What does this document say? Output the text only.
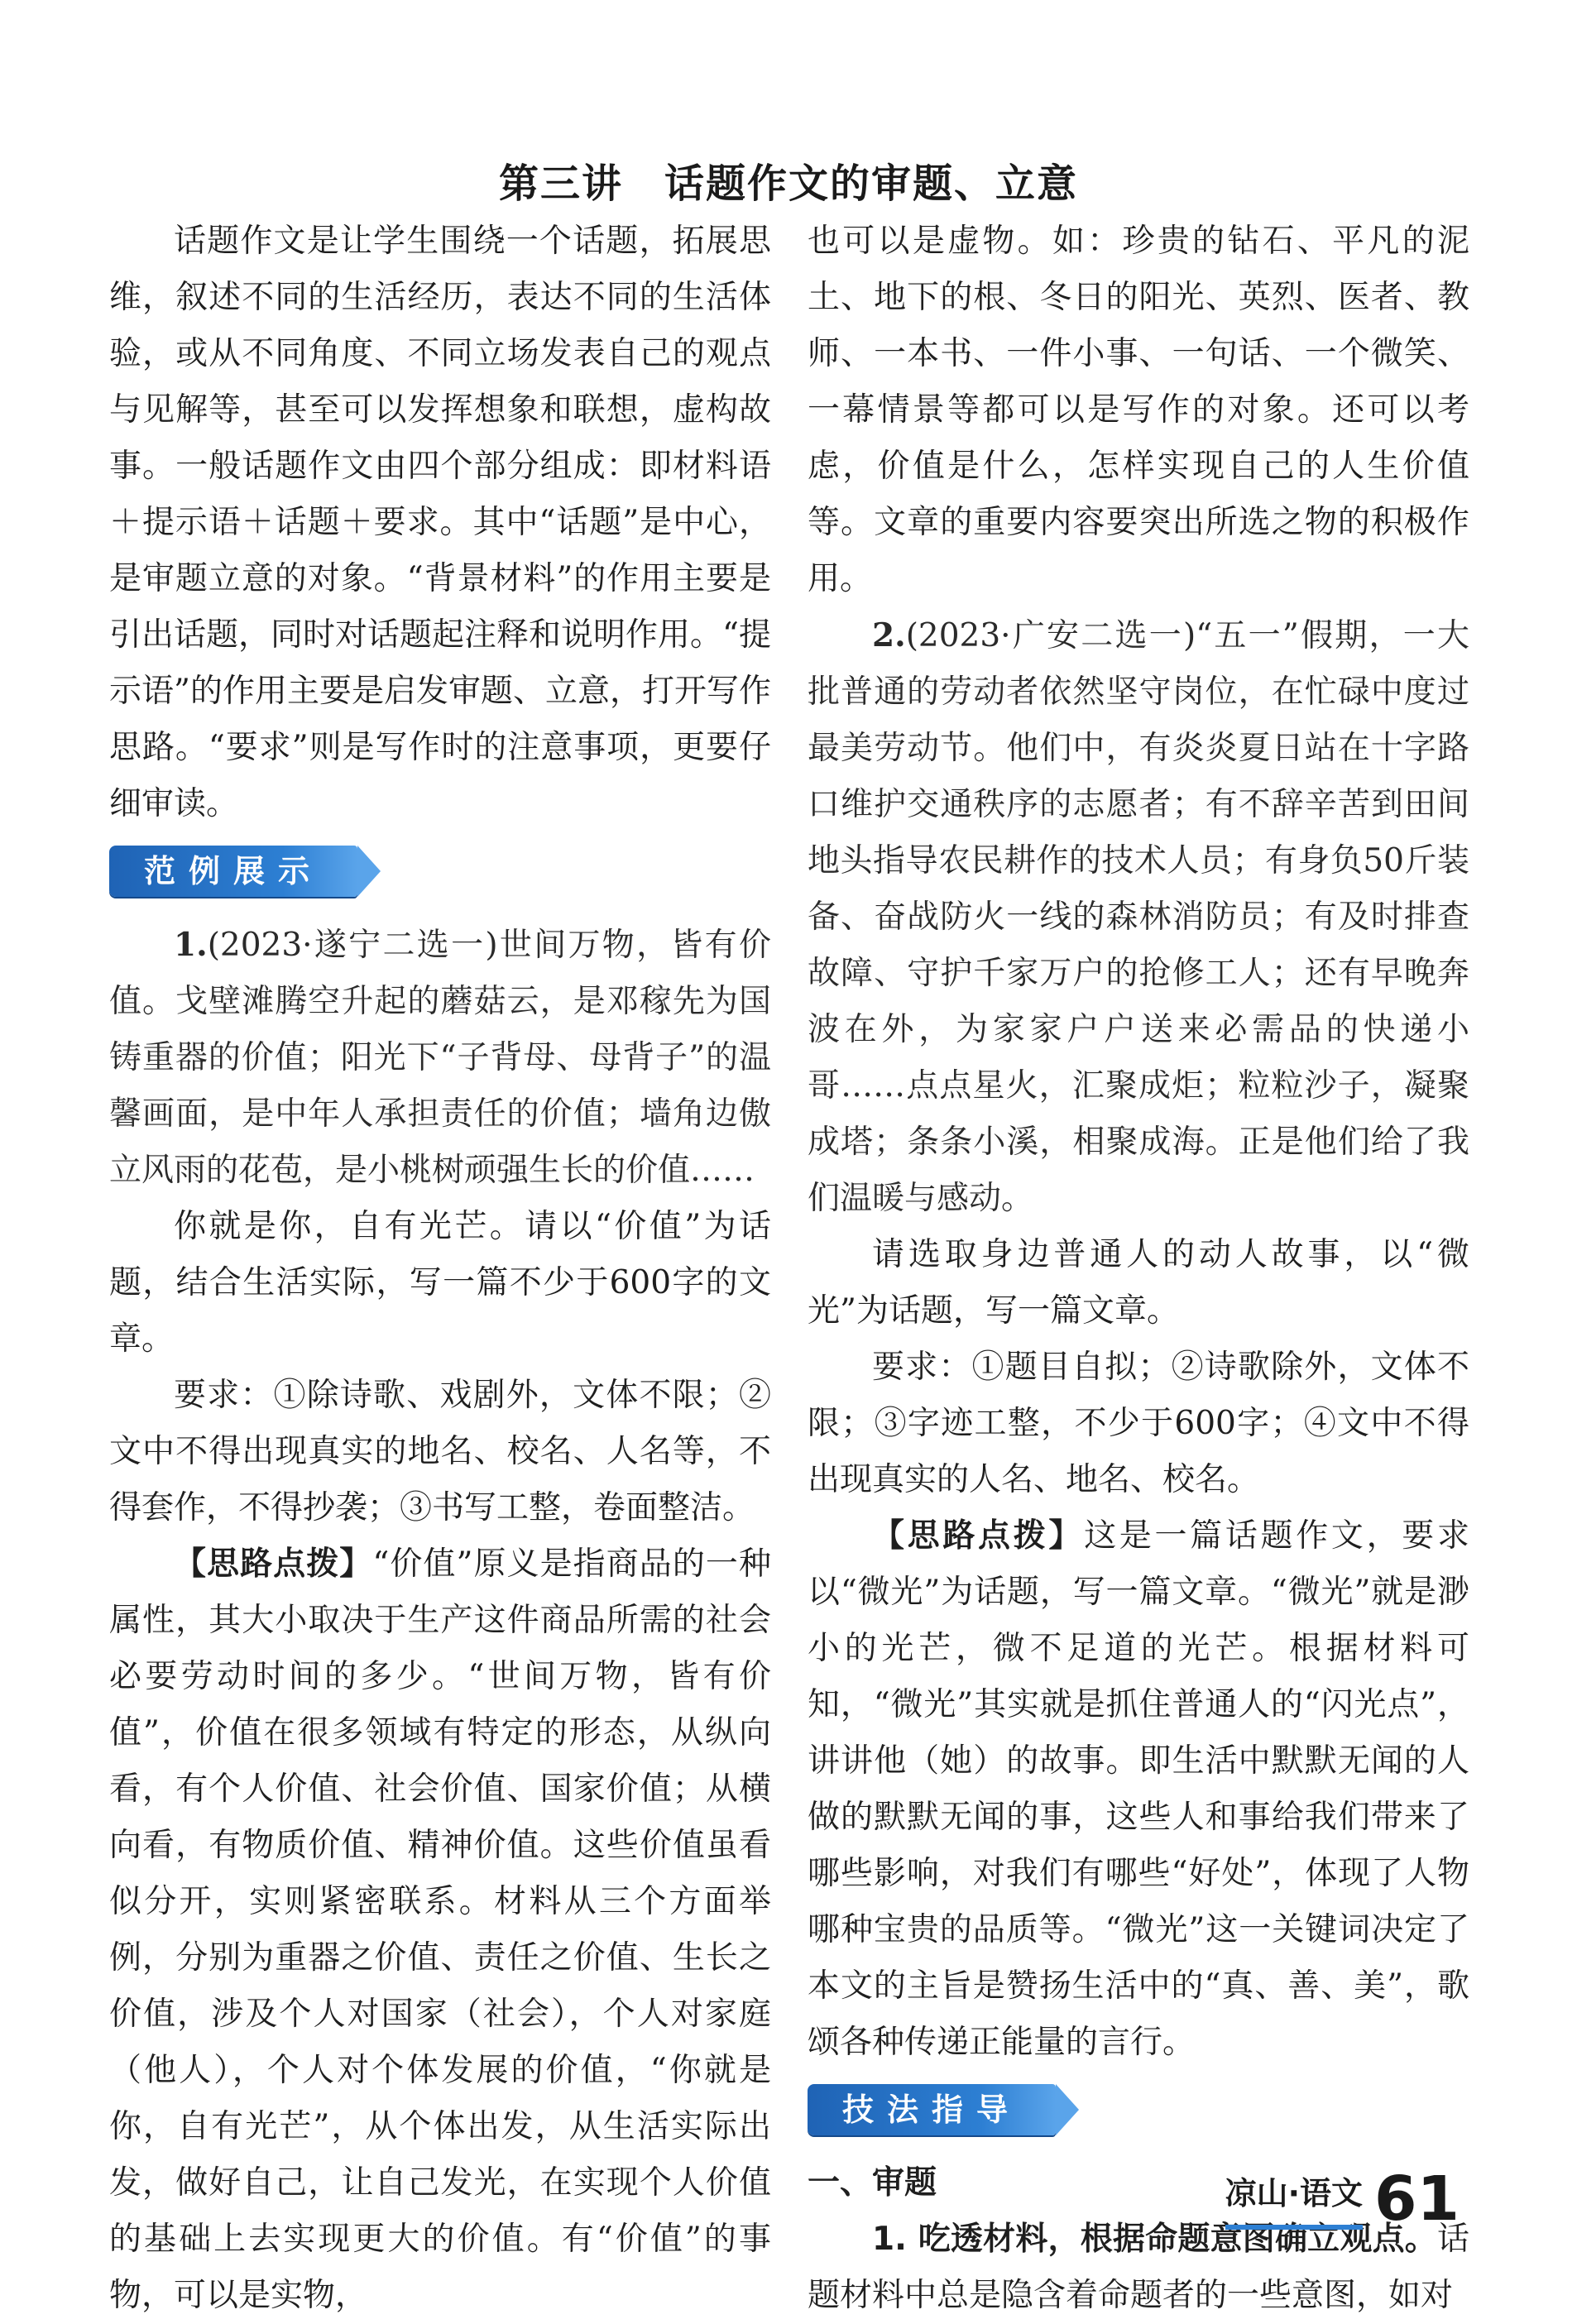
第三讲　话题作文的审题、立意

话题作文是让学生围绕一个话题，拓展思维，叙述不同的生活经历，表达不同的生活体验，或从不同角度、不同立场发表自己的观点与见解等，甚至可以发挥想象和联想，虚构故事。一般话题作文由四个部分组成：即材料语＋提示语＋话题＋要求。其中“话题”是中心，是审题立意的对象。“背景材料”的作用主要是引出话题，同时对话题起注释和说明作用。“提示语”的作用主要是启发审题、立意，打开写作思路。“要求”则是写作时的注意事项，更要仔细审读。

范例展示

1.(2023·遂宁二选一)世间万物，皆有价值。戈壁滩腾空升起的蘑菇云，是邓稼先为国铸重器的价值；阳光下“子背母、母背子”的温馨画面，是中年人承担责任的价值；墙角边傲立风雨的花苞，是小桃树顽强生长的价值……

你就是你，自有光芒。请以“价值”为话题，结合生活实际，写一篇不少于600字的文章。

要求：①除诗歌、戏剧外，文体不限；②文中不得出现真实的地名、校名、人名等，不得套作，不得抄袭；③书写工整，卷面整洁。

【思路点拨】“价值”原义是指商品的一种属性，其大小取决于生产这件商品所需的社会必要劳动时间的多少。“世间万物，皆有价值”，价值在很多领域有特定的形态，从纵向看，有个人价值、社会价值、国家价值；从横向看，有物质价值、精神价值。这些价值虽看似分开，实则紧密联系。材料从三个方面举例，分别为重器之价值、责任之价值、生长之价值，涉及个人对国家（社会），个人对家庭（他人），个人对个体发展的价值，“你就是你，自有光芒”，从个体出发，从生活实际出发，做好自己，让自己发光，在实现个人价值的基础上去实现更大的价值。有“价值”的事物，可以是实物，

也可以是虚物。如：珍贵的钻石、平凡的泥土、地下的根、冬日的阳光、英烈、医者、教师、一本书、一件小事、一句话、一个微笑、一幕情景等都可以是写作的对象。还可以考虑，价值是什么，怎样实现自己的人生价值等。文章的重要内容要突出所选之物的积极作用。

2.(2023·广安二选一)“五一”假期，一大批普通的劳动者依然坚守岗位，在忙碌中度过最美劳动节。他们中，有炎炎夏日站在十字路口维护交通秩序的志愿者；有不辞辛苦到田间地头指导农民耕作的技术人员；有身负50斤装备、奋战防火一线的森林消防员；有及时排查故障、守护千家万户的抢修工人；还有早晚奔波在外，为家家户户送来必需品的快递小哥……点点星火，汇聚成炬；粒粒沙子，凝聚成塔；条条小溪，相聚成海。正是他们给了我们温暖与感动。

请选取身边普通人的动人故事，以“微光”为话题，写一篇文章。

要求：①题目自拟；②诗歌除外，文体不限；③字迹工整，不少于600字；④文中不得出现真实的人名、地名、校名。

【思路点拨】这是一篇话题作文，要求以“微光”为话题，写一篇文章。“微光”就是渺小的光芒，微不足道的光芒。根据材料可知，“微光”其实就是抓住普通人的“闪光点”，讲讲他（她）的故事。即生活中默默无闻的人做的默默无闻的事，这些人和事给我们带来了哪些影响，对我们有哪些“好处”，体现了人物哪种宝贵的品质等。“微光”这一关键词决定了本文的主旨是赞扬生活中的“真、善、美”，歌颂各种传递正能量的言行。

技法指导

一、审题

1. 吃透材料，根据命题意图确立观点。话题材料中总是隐含着命题者的一些意图，如对

凉山·语文 61
